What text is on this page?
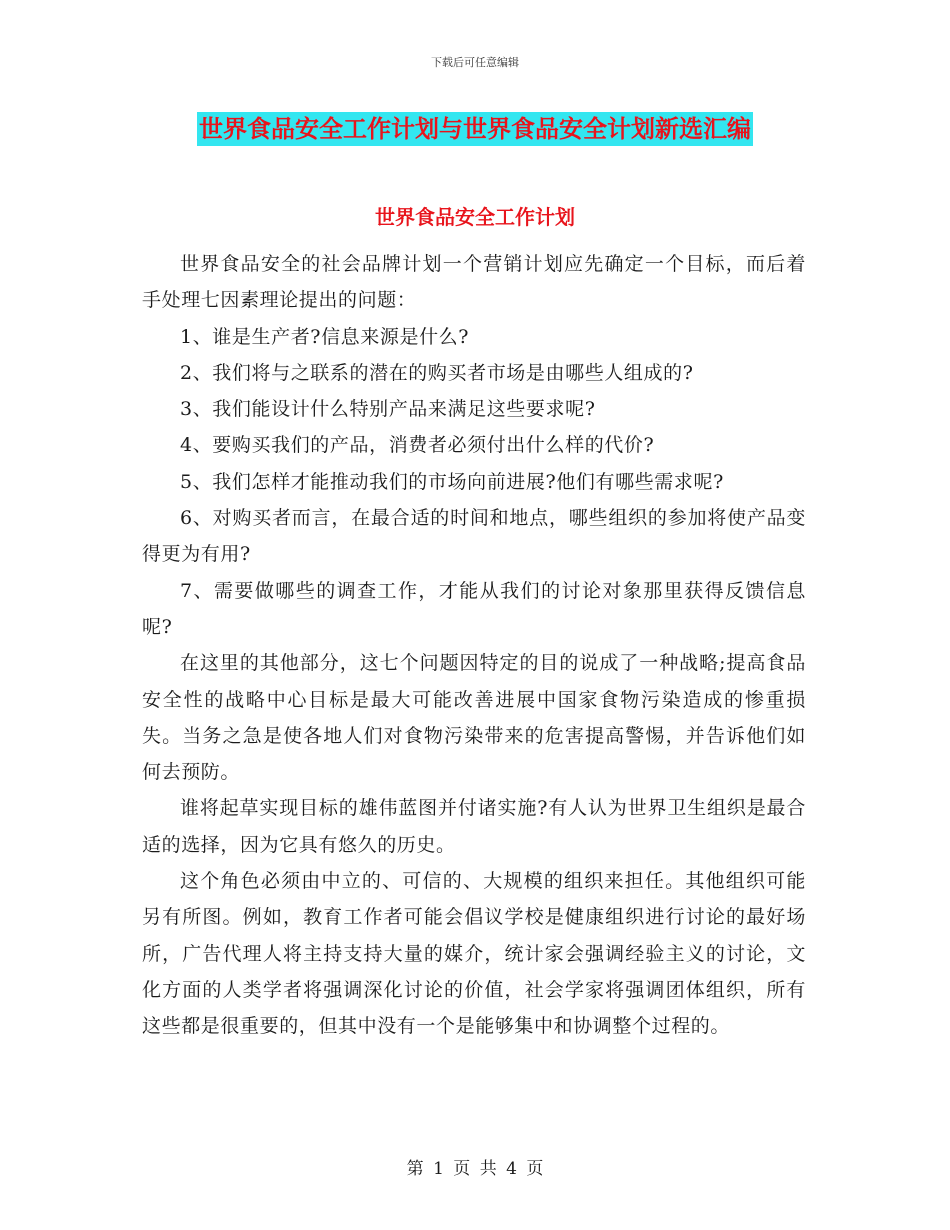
下载后可任意编辑
世界食品安全工作计划与世界食品安全计划新选汇编
世界食品安全工作计划

世界食品安全的社会品牌计划一个营销计划应先确定一个目标，而后着手处理七因素理论提出的问题：

1、谁是生产者?信息来源是什么?

2、我们将与之联系的潜在的购买者市场是由哪些人组成的?

3、我们能设计什么特别产品来满足这些要求呢?

4、要购买我们的产品，消费者必须付出什么样的代价?

5、我们怎样才能推动我们的市场向前进展?他们有哪些需求呢?

6、对购买者而言，在最合适的时间和地点，哪些组织的参加将使产品变得更为有用?

7、需要做哪些的调查工作，才能从我们的讨论对象那里获得反馈信息呢?

在这里的其他部分，这七个问题因特定的目的说成了一种战略;提高食品安全性的战略中心目标是最大可能改善进展中国家食物污染造成的惨重损失。当务之急是使各地人们对食物污染带来的危害提高警惕，并告诉他们如何去预防。

谁将起草实现目标的雄伟蓝图并付诸实施?有人认为世界卫生组织是最合适的选择，因为它具有悠久的历史。

这个角色必须由中立的、可信的、大规模的组织来担任。其他组织可能另有所图。例如，教育工作者可能会倡议学校是健康组织进行讨论的最好场所，广告代理人将主持支持大量的媒介，统计家会强调经验主义的讨论，文化方面的人类学者将强调深化讨论的价值，社会学家将强调团体组织，所有这些都是很重要的，但其中没有一个是能够集中和协调整个过程的。

第 1 页 共 4 页
